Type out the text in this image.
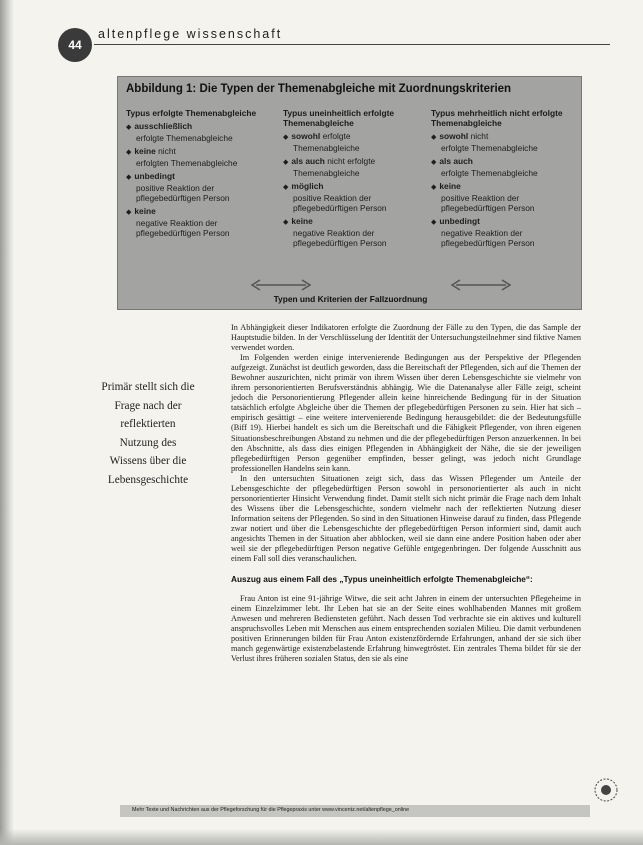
44
altenpflege wissenschaft
Abbildung 1: Die Typen der Themenabgleiche mit Zuordnungskriterien
Typus erfolgte Themenabgleiche
◆ ausschließlich
erfolgte Themenabgleiche
◆ keine nicht
erfolgten Themenabgleiche
◆ unbedingt
positive Reaktion der pflegebedürftigen Person
◆ keine
negative Reaktion der pflegebedürftigen Person
Typus uneinheitlich erfolgte Themenabgleiche
◆ sowohl erfolgte
Themenabgleiche
◆ als auch nicht erfolgte
Themenabgleiche
◆ möglich
positive Reaktion der pflegebedürftigen Person
◆ keine
negative Reaktion der pflegebedürftigen Person
Typus mehrheitlich nicht erfolgte Themenabgleiche
◆ sowohl nicht
erfolgte Themenabgleiche
◆ als auch
erfolgte Themenabgleiche
◆ keine
positive Reaktion der pflegebedürftigen Person
◆ unbedingt
negative Reaktion der pflegebedürftigen Person
Typen und Kriterien der Fallzuordnung
Primär stellt sich die Frage nach der reflektierten Nutzung des Wissens über die Lebensgeschichte

In Abhängigkeit dieser Indikatoren erfolgte die Zuordnung der Fälle zu den Typen, die das Sample der Hauptstudie bilden. In der Verschlüsselung der Identität der Untersuchungsteilnehmer sind fiktive Namen verwendet worden.

Im Folgenden werden einige intervenierende Bedingungen aus der Perspektive der Pflegenden aufgezeigt. Zunächst ist deutlich geworden, dass die Bereitschaft der Pflegenden, sich auf die Themen der Bewohner auszurichten, nicht primär von ihrem Wissen über deren Lebensgeschichte sie vielmehr von ihrem personorientierten Berufsverständnis abhängig. Wie die Datenanalyse aller Fälle zeigt, scheint jedoch die Personorientierung Pflegender allein keine hinreichende Bedingung für in der Situation tatsächlich erfolgte Abgleiche über die Themen der pflegebedürftigen Personen zu sein. Hier hat sich – empirisch gesättigt – eine weitere intervenierende Bedingung herausgebildet: die der Bedeutungsfülle (Biff 19). Hierbei handelt es sich um die Bereitschaft und die Fähigkeit Pflegender, von ihren eigenen Situationsbeschreibungen Abstand zu nehmen und die der pflegebedürftigen Person anzuerkennen. In bei den Abschnitte, als dass dies einigen Pflegenden in Abhängigkeit der Nähe, die sie der jeweiligen pflegebedürftigen Person gegenüber empfinden, besser gelingt, was jedoch nicht Grundlage professionellen Handelns sein kann.

In den untersuchten Situationen zeigt sich, dass das Wissen Pflegender um Anteile der Lebensgeschichte der pflegebedürftigen Person sowohl in personorientierter als auch in nicht personorientierter Hinsicht Verwendung findet. Damit stellt sich nicht primär die Frage nach dem Inhalt des Wissens über die Lebensgeschichte, sondern vielmehr nach der reflektierten Nutzung dieser Information seitens der Pflegenden. So sind in den Situationen Hinweise darauf zu finden, dass Pflegende zwar notiert und über die Lebensgeschichte der pflegebedürftigen Person informiert sind, damit auch angesichts Themen in der Situation aber abblocken, weil sie dann eine andere Position haben oder aber weil sie der pflegebedürftigen Person negative Gefühle entgegenbringen. Der folgende Ausschnitt aus einem Fall soll dies veranschaulichen.

Auszug aus einem Fall des „Typus uneinheitlich erfolgte Themenabgleiche“:

Frau Anton ist eine 91-jährige Witwe, die seit acht Jahren in einem der untersuchten Pflegeheime in einem Einzelzimmer lebt. Ihr Leben hat sie an der Seite eines wohlhabenden Mannes mit großem Anwesen und mehreren Bediensteten geführt. Nach dessen Tod verbrachte sie ein aktives und kulturell anspruchsvolles Leben mit Menschen aus einem entsprechenden sozialen Milieu. Die damit verbundenen positiven Erinnerungen bilden für Frau Anton existenzfördernde Erfahrungen, anhand der sie sich über manch gegenwärtige existenzbelastende Erfahrung hinwegtröstet. Ein zentrales Thema bildet für sie der Verlust ihres früheren sozialen Status, den sie als eine

Mehr Texte und Nachrichten aus der Pflegeforschung für die Pflegepraxis unter www.vincentz.net/altenpflege_online
